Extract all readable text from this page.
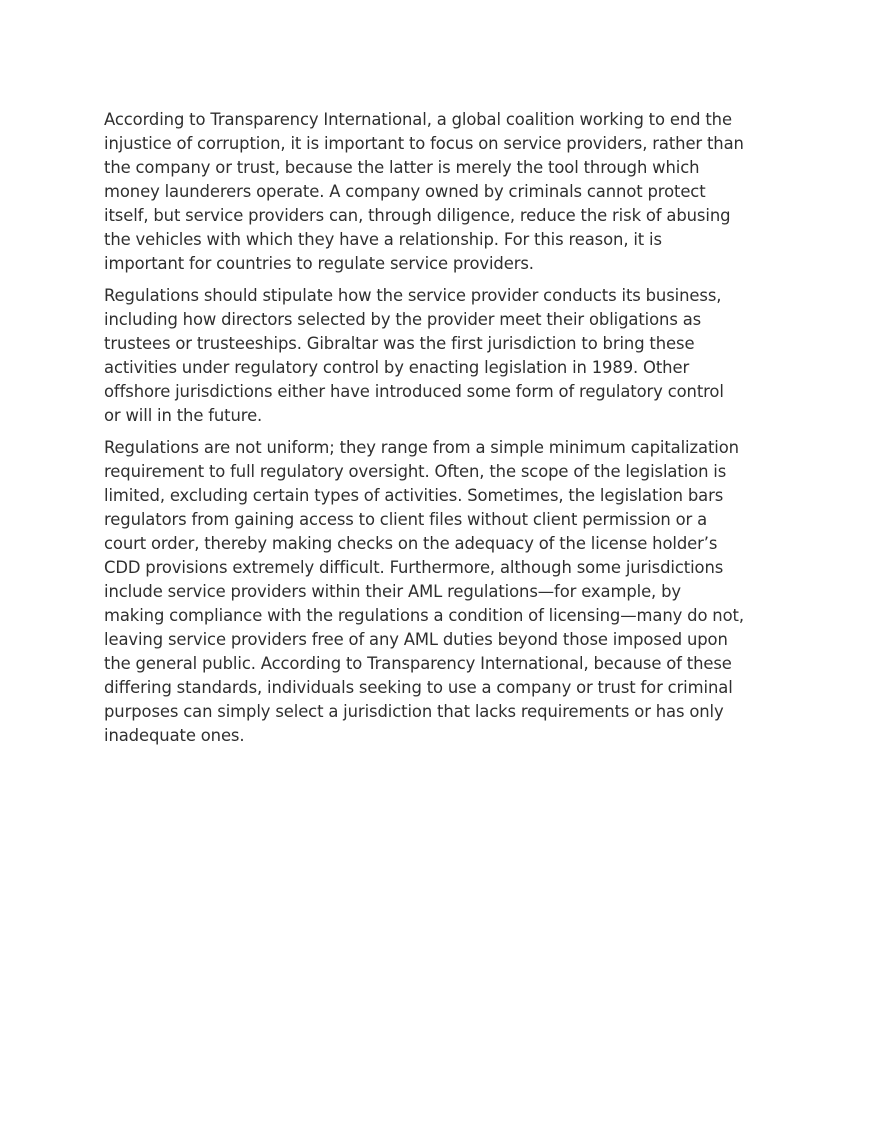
According to Transparency International, a global coalition working to end the injustice of corruption, it is important to focus on service providers, rather than the company or trust, because the latter is merely the tool through which money launderers operate. A company owned by criminals cannot protect itself, but service providers can, through diligence, reduce the risk of abusing the vehicles with which they have a relationship. For this reason, it is important for countries to regulate service providers.

Regulations should stipulate how the service provider conducts its business, including how directors selected by the provider meet their obligations as trustees or trusteeships. Gibraltar was the first jurisdiction to bring these activities under regulatory control by enacting legislation in 1989. Other offshore jurisdictions either have introduced some form of regulatory control or will in the future.

Regulations are not uniform; they range from a simple minimum capitalization requirement to full regulatory oversight. Often, the scope of the legislation is limited, excluding certain types of activities. Sometimes, the legislation bars regulators from gaining access to client files without client permission or a court order, thereby making checks on the adequacy of the license holder’s CDD provisions extremely difficult. Furthermore, although some jurisdictions include service providers within their AML regulations—for example, by making compliance with the regulations a condition of licensing—many do not, leaving service providers free of any AML duties beyond those imposed upon the general public. According to Transparency International, because of these differing standards, individuals seeking to use a company or trust for criminal purposes can simply select a jurisdiction that lacks requirements or has only inadequate ones.
